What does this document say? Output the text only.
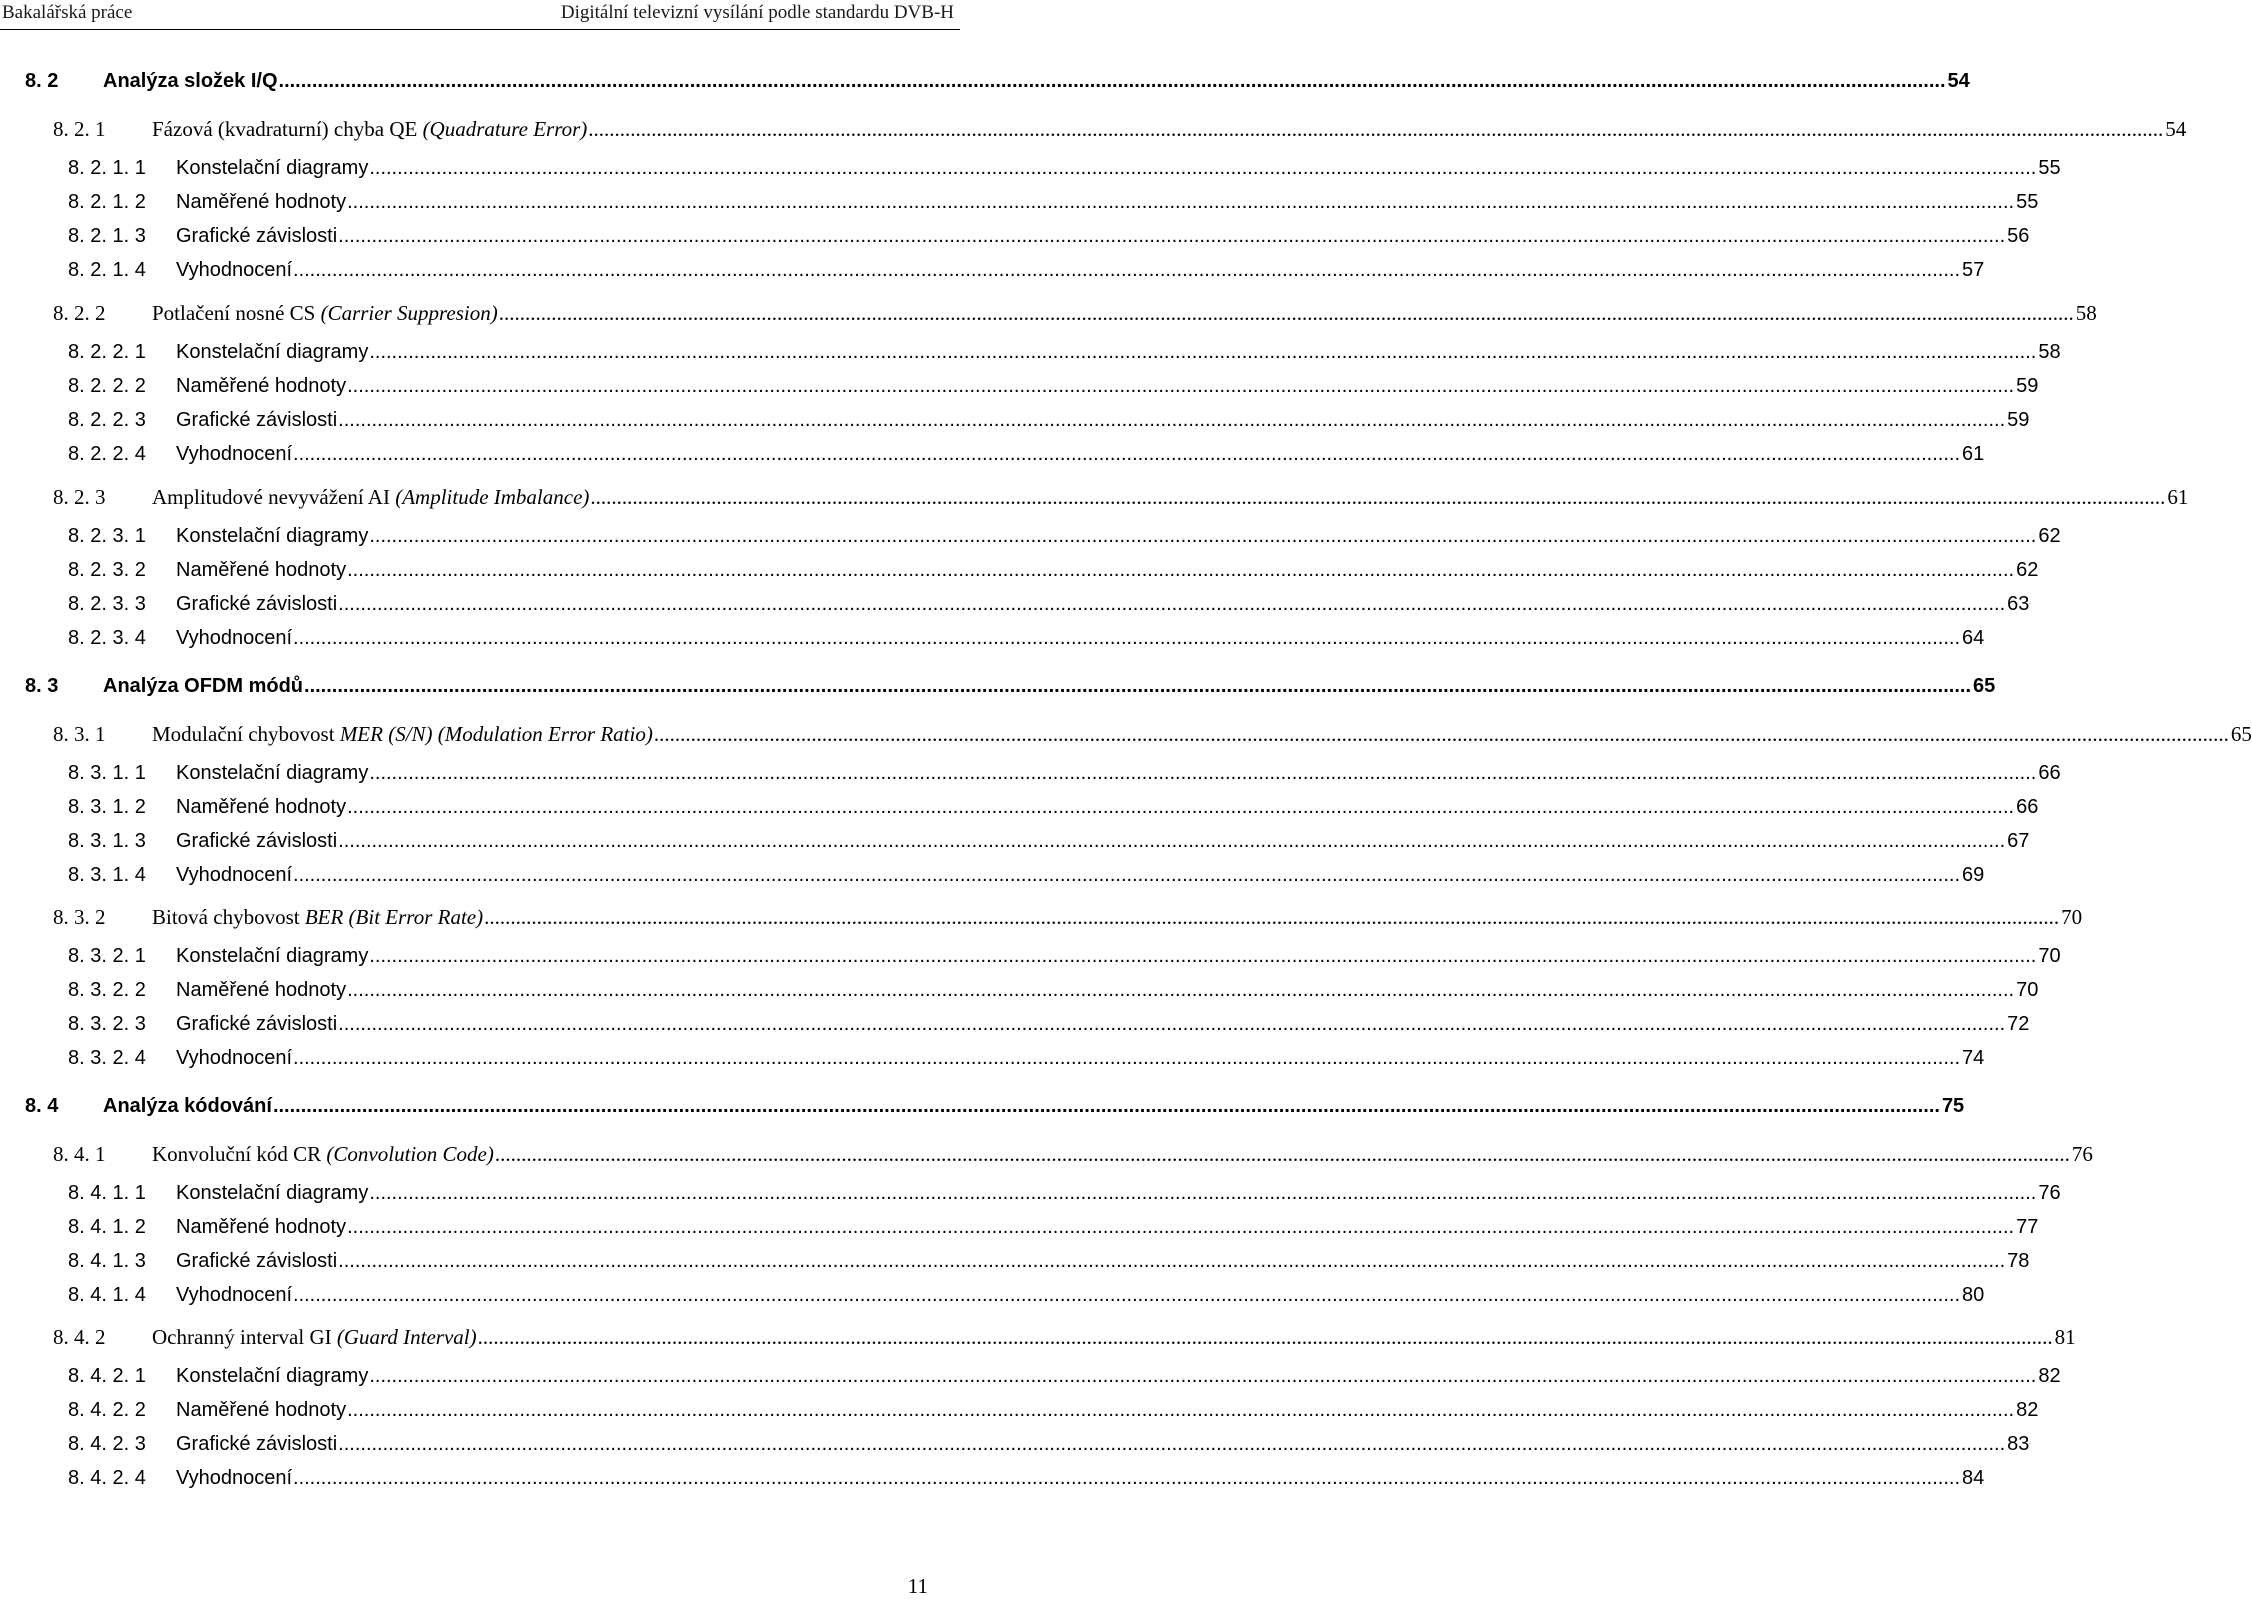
Bakalářská práce	Digitální televizní vysílání podle standardu DVB-H
8. 2 Analýza složek I/Q ............................................................................................................................................................................................................................................................................................................ 54
8. 2. 1 Fázová (kvadraturní) chyba QE (Quadrature Error) ............................................................................................................................................................................................................................................................................................................ 54
8. 2. 1. 1 Konstelační diagramy ............................................................................................................................................................................................................................................................................................................ 55
8. 2. 1. 2 Naměřené hodnoty ............................................................................................................................................................................................................................................................................................................ 55
8. 2. 1. 3 Grafické závislosti ............................................................................................................................................................................................................................................................................................................ 56
8. 2. 1. 4 Vyhodnocení ............................................................................................................................................................................................................................................................................................................ 57
8. 2. 2 Potlačení nosné CS (Carrier Suppresion) ............................................................................................................................................................................................................................................................................................................ 58
8. 2. 2. 1 Konstelační diagramy ............................................................................................................................................................................................................................................................................................................ 58
8. 2. 2. 2 Naměřené hodnoty ............................................................................................................................................................................................................................................................................................................ 59
8. 2. 2. 3 Grafické závislosti ............................................................................................................................................................................................................................................................................................................ 59
8. 2. 2. 4 Vyhodnocení ............................................................................................................................................................................................................................................................................................................ 61
8. 2. 3 Amplitudové nevyvážení AI (Amplitude Imbalance) ............................................................................................................................................................................................................................................................................................................ 61
8. 2. 3. 1 Konstelační diagramy ............................................................................................................................................................................................................................................................................................................ 62
8. 2. 3. 2 Naměřené hodnoty ............................................................................................................................................................................................................................................................................................................ 62
8. 2. 3. 3 Grafické závislosti ............................................................................................................................................................................................................................................................................................................ 63
8. 2. 3. 4 Vyhodnocení ............................................................................................................................................................................................................................................................................................................ 64
8. 3 Analýza OFDM módů ............................................................................................................................................................................................................................................................................................................ 65
8. 3. 1 Modulační chybovost MER (S/N) (Modulation Error Ratio) ............................................................................................................................................................................................................................................................................................................ 65
8. 3. 1. 1 Konstelační diagramy ............................................................................................................................................................................................................................................................................................................ 66
8. 3. 1. 2 Naměřené hodnoty ............................................................................................................................................................................................................................................................................................................ 66
8. 3. 1. 3 Grafické závislosti ............................................................................................................................................................................................................................................................................................................ 67
8. 3. 1. 4 Vyhodnocení ............................................................................................................................................................................................................................................................................................................ 69
8. 3. 2 Bitová chybovost BER (Bit Error Rate) ............................................................................................................................................................................................................................................................................................................ 70
8. 3. 2. 1 Konstelační diagramy ............................................................................................................................................................................................................................................................................................................ 70
8. 3. 2. 2 Naměřené hodnoty ............................................................................................................................................................................................................................................................................................................ 70
8. 3. 2. 3 Grafické závislosti ............................................................................................................................................................................................................................................................................................................ 72
8. 3. 2. 4 Vyhodnocení ............................................................................................................................................................................................................................................................................................................ 74
8. 4 Analýza kódování ............................................................................................................................................................................................................................................................................................................ 75
8. 4. 1 Konvoluční kód CR (Convolution Code) ............................................................................................................................................................................................................................................................................................................ 76
8. 4. 1. 1 Konstelační diagramy ............................................................................................................................................................................................................................................................................................................ 76
8. 4. 1. 2 Naměřené hodnoty ............................................................................................................................................................................................................................................................................................................ 77
8. 4. 1. 3 Grafické závislosti ............................................................................................................................................................................................................................................................................................................ 78
8. 4. 1. 4 Vyhodnocení ............................................................................................................................................................................................................................................................................................................ 80
8. 4. 2 Ochranný interval GI (Guard Interval) ............................................................................................................................................................................................................................................................................................................ 81
8. 4. 2. 1 Konstelační diagramy ............................................................................................................................................................................................................................................................................................................ 82
8. 4. 2. 2 Naměřené hodnoty ............................................................................................................................................................................................................................................................................................................ 82
8. 4. 2. 3 Grafické závislosti ............................................................................................................................................................................................................................................................................................................ 83
8. 4. 2. 4 Vyhodnocení ............................................................................................................................................................................................................................................................................................................ 84
11
